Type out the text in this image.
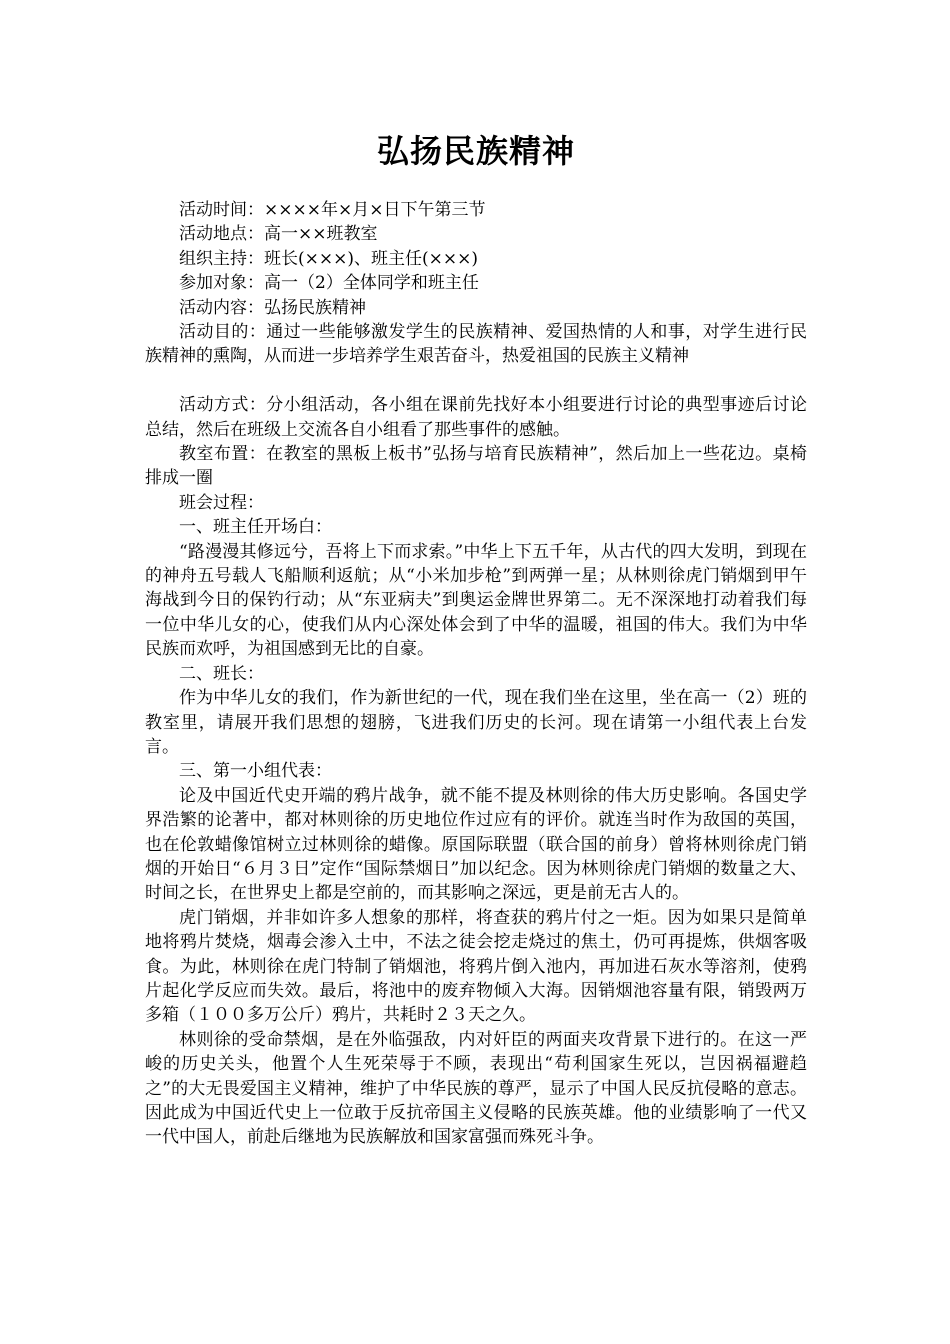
弘扬民族精神

活动时间：××××年×月×日下午第三节

活动地点：高一××班教室

组织主持：班长(×××)、班主任(×××)

参加对象：高一（2）全体同学和班主任

活动内容：弘扬民族精神

活动目的：通过一些能够激发学生的民族精神、爱国热情的人和事，对学生进行民族精神的熏陶，从而进一步培养学生艰苦奋斗，热爱祖国的民族主义精神

活动方式：分小组活动，各小组在课前先找好本小组要进行讨论的典型事迹后讨论总结，然后在班级上交流各自小组看了那些事件的感触。

教室布置：在教室的黑板上板书”弘扬与培育民族精神”，然后加上一些花边。桌椅排成一圈

班会过程：

一、班主任开场白：

“路漫漫其修远兮，吾将上下而求索。”中华上下五千年，从古代的四大发明，到现在的神舟五号载人飞船顺利返航；从“小米加步枪”到两弹一星；从林则徐虎门销烟到甲午海战到今日的保钓行动；从“东亚病夫”到奥运金牌世界第二。无不深深地打动着我们每一位中华儿女的心，使我们从内心深处体会到了中华的温暖，祖国的伟大。我们为中华民族而欢呼，为祖国感到无比的自豪。

二、班长：

作为中华儿女的我们，作为新世纪的一代，现在我们坐在这里，坐在高一（2）班的教室里，请展开我们思想的翅膀，飞进我们历史的长河。现在请第一小组代表上台发言。

三、第一小组代表：

论及中国近代史开端的鸦片战争，就不能不提及林则徐的伟大历史影响。各国史学界浩繁的论著中，都对林则徐的历史地位作过应有的评价。就连当时作为敌国的英国，也在伦敦蜡像馆树立过林则徐的蜡像。原国际联盟（联合国的前身）曾将林则徐虎门销烟的开始日“６月３日”定作“国际禁烟日”加以纪念。因为林则徐虎门销烟的数量之大、时间之长，在世界史上都是空前的，而其影响之深远，更是前无古人的。

虎门销烟，并非如许多人想象的那样，将查获的鸦片付之一炬。因为如果只是简单地将鸦片焚烧，烟毒会渗入土中，不法之徒会挖走烧过的焦土，仍可再提炼，供烟客吸食。为此，林则徐在虎门特制了销烟池，将鸦片倒入池内，再加进石灰水等溶剂，使鸦片起化学反应而失效。最后，将池中的废弃物倾入大海。因销烟池容量有限，销毁两万多箱（１００多万公斤）鸦片，共耗时２３天之久。

林则徐的受命禁烟，是在外临强敌，内对奸臣的两面夹攻背景下进行的。在这一严峻的历史关头，他置个人生死荣辱于不顾，表现出“苟利国家生死以，岂因祸福避趋之”的大无畏爱国主义精神，维护了中华民族的尊严，显示了中国人民反抗侵略的意志。因此成为中国近代史上一位敢于反抗帝国主义侵略的民族英雄。他的业绩影响了一代又一代中国人，前赴后继地为民族解放和国家富强而殊死斗争。
